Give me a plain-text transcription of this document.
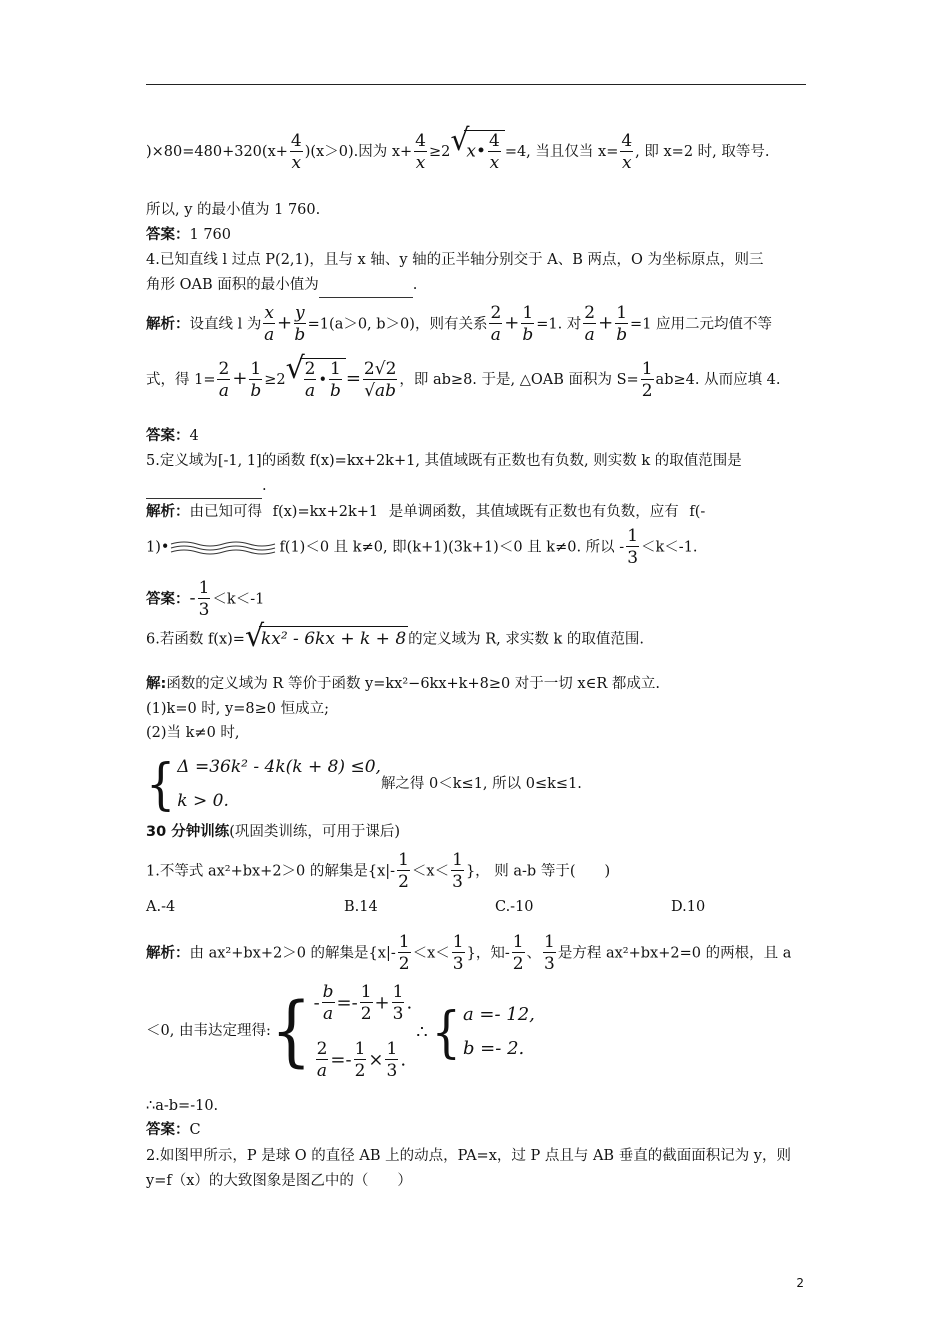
)$\times 80=480+320(x+ \frac{4}{x} )(x>0)$.因为 $x+ \frac{4}{x} \ge 2$ √
x• $\frac{4}{x} =4$, 当且仅当 $x= \frac{4}{x}$ , 即 x=2 时, 取等号.
所以, y 的最小值为 1 760.
答案：1 760
4.已知直线 l 过点 P(2,1)，且与 x 轴、y 轴的正半轴分别交于 A、B 两点，O 为坐标原点，则三
角形 OAB 面积的最小值为	.
解析：设直线 l 为 $\frac{x}{a} + \frac{y}{b} =1(a>0$, b＞0)，则有关系 $\frac{2}{a} + \frac{1}{b} =1$. 对 $\frac{2}{a} + \frac{1}{b} =1$ 应用二元均值不等
式，得 $1= \frac{2}{a} + \frac{1}{b} \ge 2$ √
$\frac{2}{a}$ • $\frac{1}{b} = \frac{2√2}{√ab}$ ，即 ab≥8. 于是, △OAB 面积为 $S= \frac{1}{2} ab\ge 4$. 从而应填 4.
答案：4
5.定义域为[-1, 1]的函数 f(x)=kx+2k+1, 其值域既有正数也有负数, 则实数 k 的取值范围是
.
解析：由已知可得 f(x)=kx+2k+1 是单调函数，其值域既有正数也有负数，应有 f(-
1)•	f(1)＜0 且 k≠0, 即(k+1)(3k+1)＜0 且 k≠0. 所以 - $\frac{1}{3} <k<-1$.
答案：- $\frac{1}{3} <k<-1$
6.若函数 f(x)= √
kx² - 6kx + k + 8 的定义域为 R, 求实数 k 的取值范围.
解:函数的定义域为 R 等价于函数 y=kx²−6kx+k+8≥0 对于一切 x∈R 都成立.
(1)k=0 时, y=8≥0 恒成立;
(2)当 k≠0 时,
{ Δ =36k² - 4k(k + 8) ≤0,
k > 0.
解之得 0＜k≤1, 所以 0≤k≤1.
30 分钟训练(巩固类训练，可用于课后)
1.不等式 ax²+bx+2＞0 的解集是{$x|- \frac{1}{2} <x< \frac{1}{3}$ }， 则 a-b 等于(　　)
A.-4	B.14	C.-10	D.10
解析：由 ax²+bx+2＞0 的解集是{$x|- \frac{1}{2} <x< \frac{1}{3}$ }，知- $\frac{1}{2}$ 、 $\frac{1}{3}$ 是方程 ax²+bx+2=0 的两根，且 a
＜0, 由韦达定理得:{ - $\frac{b}{a} =- \frac{1}{2} + \frac{1}{3}$ .
$\frac{2}{a} =- \frac{1}{2} \times \frac{1}{3}$ .
∴{ a =- 12,
b =- 2.
∴a-b=-10.
答案：C
2.如图甲所示，P 是球 O 的直径 AB 上的动点，PA=x，过 P 点且与 AB 垂直的截面面积记为 y，则
y=f（x）的大致图象是图乙中的（　　）
2
